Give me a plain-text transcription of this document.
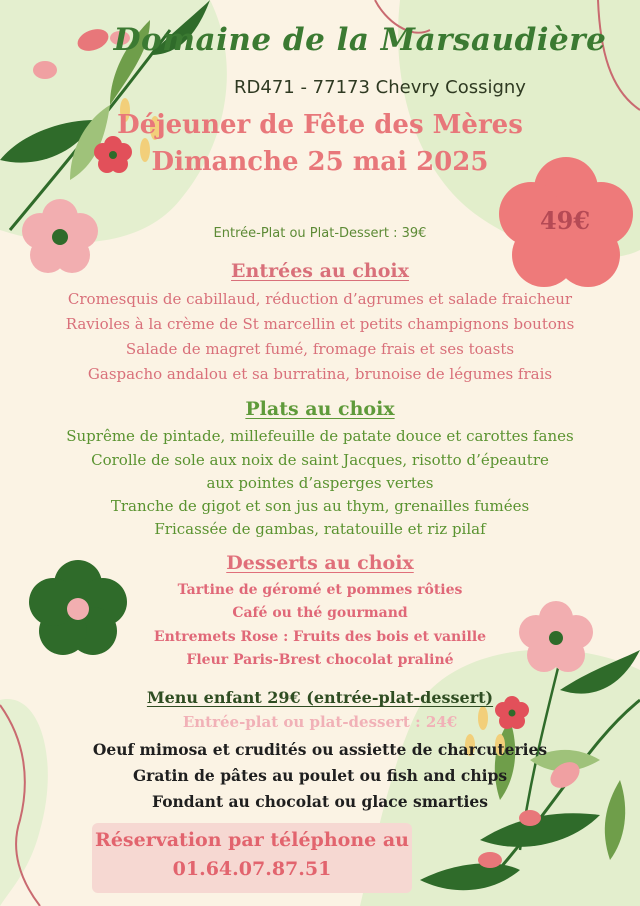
Domaine de la Marsaudière
RD471 - 77173 Chevry Cossigny
Déjeuner de Fête des Mères
Dimanche 25 mai 2025
49€
Entrée-Plat ou Plat-Dessert : 39€
Entrées au choix
Cromesquis de cabillaud, réduction d’agrumes et salade fraicheur
Ravioles à la crème de St marcellin et petits champignons boutons
Salade de magret fumé, fromage frais et ses toasts
Gaspacho andalou et sa burratina, brunoise de légumes frais
Plats au choix
Suprême de pintade, millefeuille de patate douce et carottes fanes
Corolle de sole aux noix de saint Jacques, risotto d’épeautre
aux pointes d’asperges vertes
Tranche de gigot et son jus au thym, grenailles fumées
Fricassée de gambas, ratatouille et riz pilaf
Desserts au choix
Tartine de géromé et pommes rôties
Café ou thé gourmand
Entremets Rose : Fruits des bois et vanille
Fleur Paris-Brest chocolat praliné
Menu enfant 29€ (entrée-plat-dessert)
Entrée-plat ou plat-dessert : 24€
Oeuf mimosa et crudités ou assiette de charcuteries
Gratin de pâtes au poulet ou fish and chips
Fondant au chocolat ou glace smarties
Réservation par téléphone au
01.64.07.87.51
